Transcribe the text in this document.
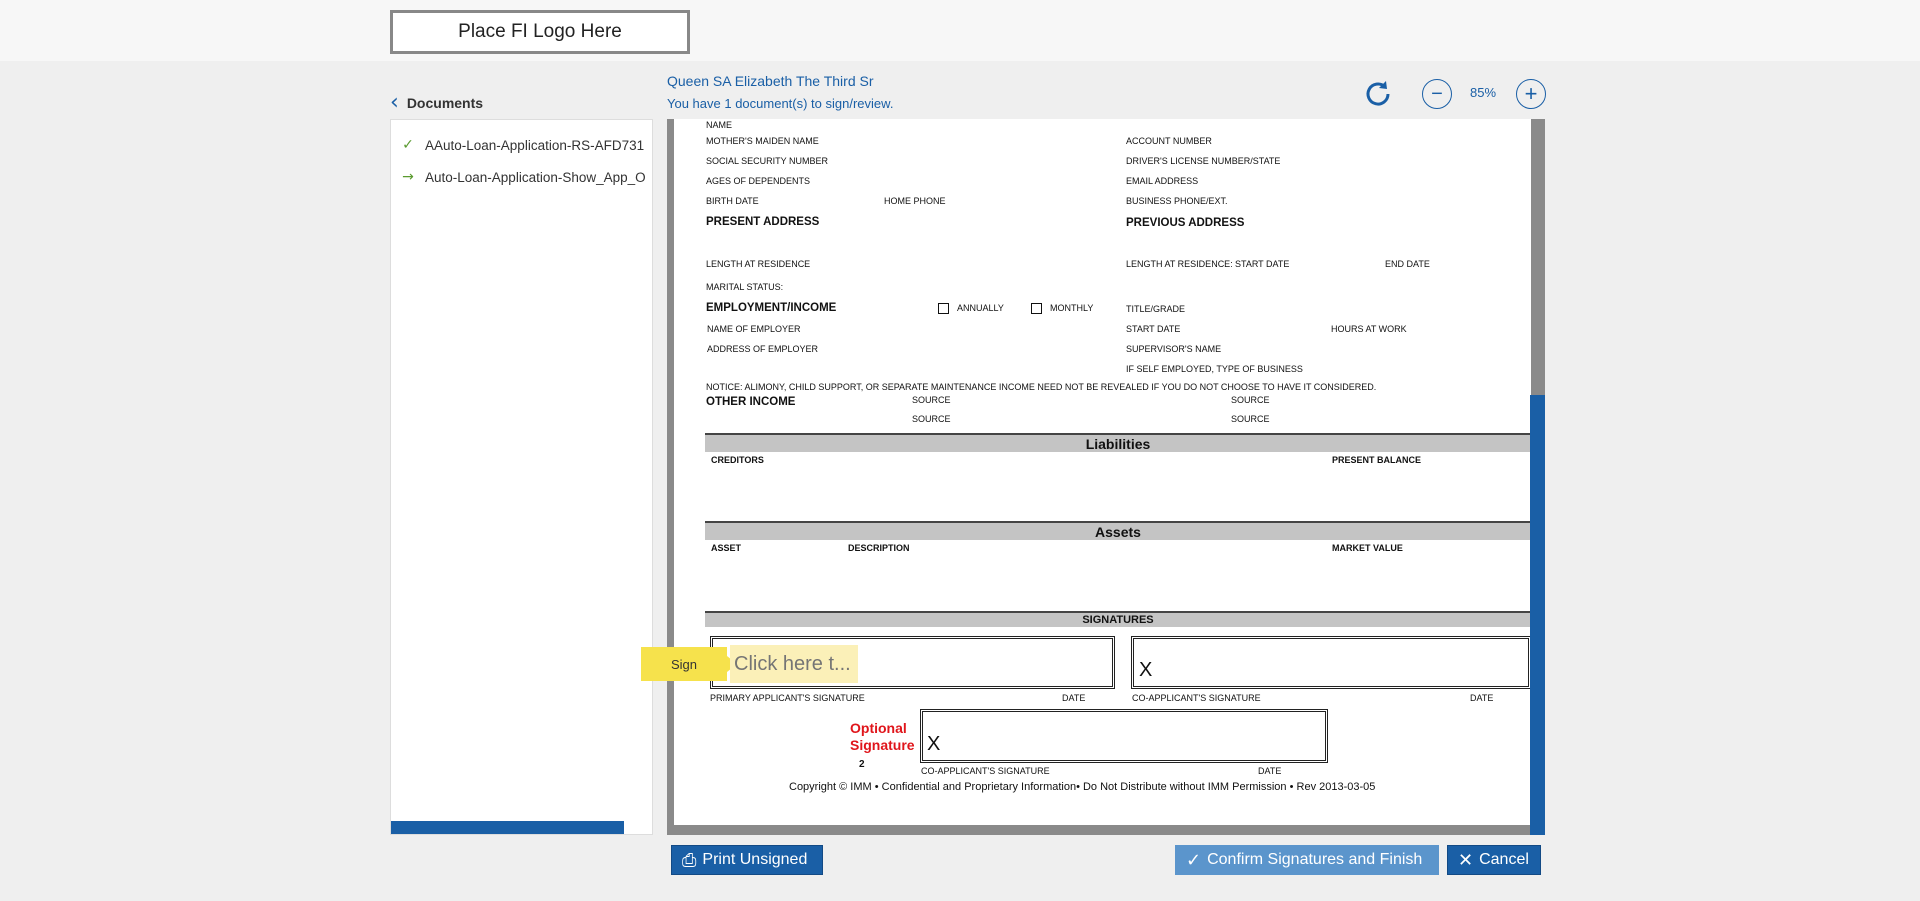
Place FI Logo Here
‹ Documents
✓ AAuto-Loan-Application-RS-AFD731
→ Auto-Loan-Application-Show_App_O
Queen SA Elizabeth The Third Sr
You have 1 document(s) to sign/review.	− 85% +
NAME
MOTHER'S MAIDEN NAME	ACCOUNT NUMBER
SOCIAL SECURITY NUMBER	DRIVER'S LICENSE NUMBER/STATE
AGES OF DEPENDENTS	EMAIL ADDRESS
BIRTH DATE	HOME PHONE	BUSINESS PHONE/EXT.
PRESENT ADDRESS	PREVIOUS ADDRESS
LENGTH AT RESIDENCE	LENGTH AT RESIDENCE: START DATE	END DATE
MARITAL STATUS:
EMPLOYMENT/INCOME	ANNUALLY	MONTHLY	TITLE/GRADE
NAME OF EMPLOYER	START DATE	HOURS AT WORK
ADDRESS OF EMPLOYER	SUPERVISOR'S NAME
IF SELF EMPLOYED, TYPE OF BUSINESS
NOTICE: ALIMONY, CHILD SUPPORT, OR SEPARATE MAINTENANCE INCOME NEED NOT BE REVEALED IF YOU DO NOT CHOOSE TO HAVE IT CONSIDERED.
OTHER INCOME	SOURCE	SOURCE
SOURCE	SOURCE
Liabilities
CREDITORS	PRESENT BALANCE
Assets
ASSET	DESCRIPTION	MARKET VALUE
SIGNATURES
PRIMARY APPLICANT'S SIGNATURE	DATE
X
CO-APPLICANT'S SIGNATURE	DATE
Optional
Signature
2
X
CO-APPLICANT'S SIGNATURE	DATE
Copyright © IMM • Confidential and Proprietary Information• Do Not Distribute without IMM Permission • Rev 2013-03-05
Sign
Click here t...
⎙ Print Unsigned	✓ Confirm Signatures and Finish ✕ Cancel
